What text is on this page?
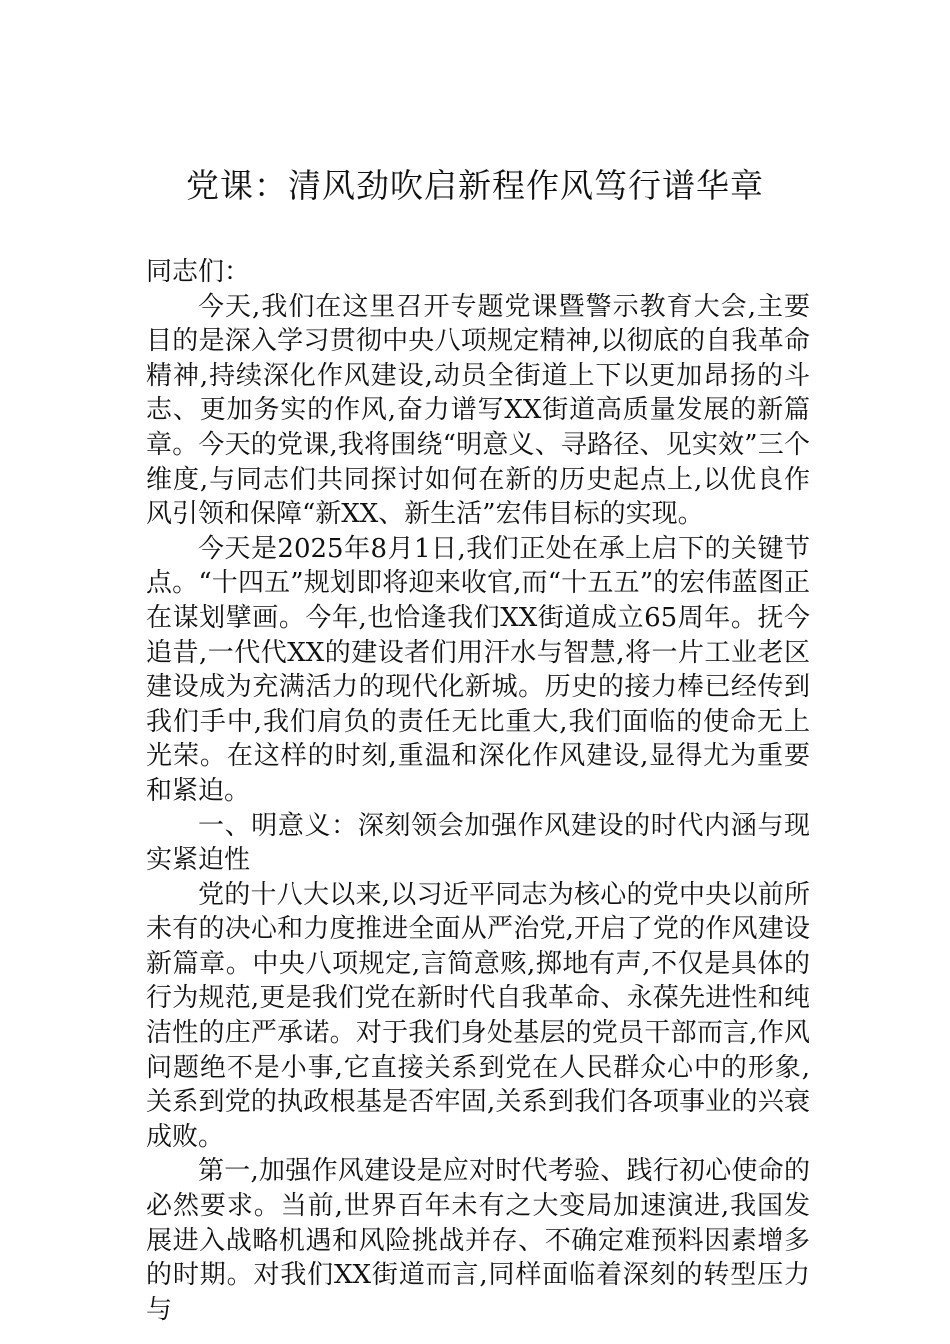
党课：清风劲吹启新程作风笃行谱华章

同志们：

今天,我们在这里召开专题党课暨警示教育大会,主要目的是深入学习贯彻中央八项规定精神,以彻底的自我革命精神,持续深化作风建设,动员全街道上下以更加昂扬的斗志、更加务实的作风,奋力谱写XX街道高质量发展的新篇章。今天的党课,我将围绕“明意义、寻路径、见实效”三个维度,与同志们共同探讨如何在新的历史起点上,以优良作风引领和保障“新XX、新生活”宏伟目标的实现。

今天是2025年8月1日,我们正处在承上启下的关键节点。“十四五”规划即将迎来收官,而“十五五”的宏伟蓝图正在谋划擘画。今年,也恰逢我们XX街道成立65周年。抚今追昔,一代代XX的建设者们用汗水与智慧,将一片工业老区建设成为充满活力的现代化新城。历史的接力棒已经传到我们手中,我们肩负的责任无比重大,我们面临的使命无上光荣。在这样的时刻,重温和深化作风建设,显得尤为重要和紧迫。

一、明意义：深刻领会加强作风建设的时代内涵与现实紧迫性

党的十八大以来,以习近平同志为核心的党中央以前所未有的决心和力度推进全面从严治党,开启了党的作风建设新篇章。中央八项规定,言简意赅,掷地有声,不仅是具体的行为规范,更是我们党在新时代自我革命、永葆先进性和纯洁性的庄严承诺。对于我们身处基层的党员干部而言,作风问题绝不是小事,它直接关系到党在人民群众心中的形象,关系到党的执政根基是否牢固,关系到我们各项事业的兴衰成败。

第一,加强作风建设是应对时代考验、践行初心使命的必然要求。当前,世界百年未有之大变局加速演进,我国发展进入战略机遇和风险挑战并存、不确定难预料因素增多的时期。对我们XX街道而言,同样面临着深刻的转型压力与
